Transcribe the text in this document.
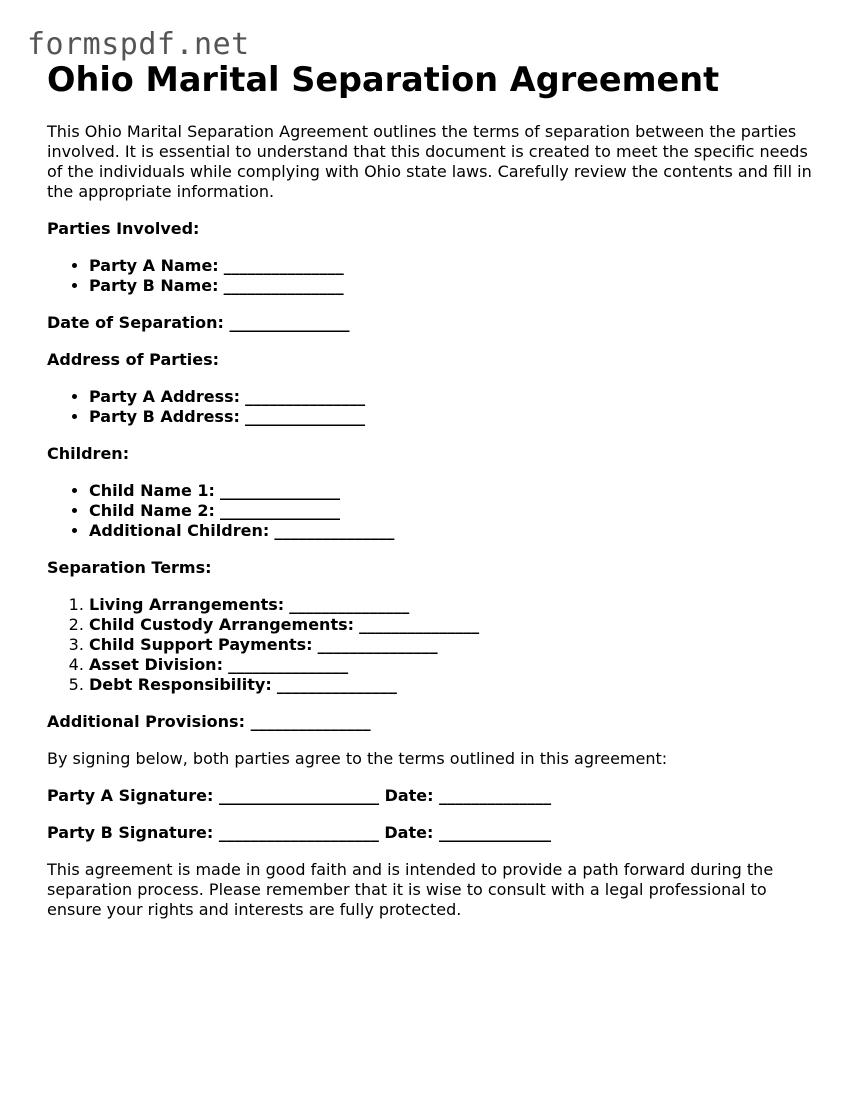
formspdf.net
Ohio Marital Separation Agreement

This Ohio Marital Separation Agreement outlines the terms of separation between the parties involved. It is essential to understand that this document is created to meet the specific needs of the individuals while complying with Ohio state laws. Carefully review the contents and fill in the appropriate information.

Parties Involved:

• Party A Name: _______________
• Party B Name: _______________

Date of Separation: _______________

Address of Parties:

• Party A Address: _______________
• Party B Address: _______________

Children:

• Child Name 1: _______________
• Child Name 2: _______________
• Additional Children: _______________

Separation Terms:

1. Living Arrangements: _______________
2. Child Custody Arrangements: _______________
3. Child Support Payments: _______________
4. Asset Division: _______________
5. Debt Responsibility: _______________

Additional Provisions: _______________

By signing below, both parties agree to the terms outlined in this agreement:

Party A Signature: ____________________ Date: ______________

Party B Signature: ____________________ Date: ______________

This agreement is made in good faith and is intended to provide a path forward during the separation process. Please remember that it is wise to consult with a legal professional to ensure your rights and interests are fully protected.
